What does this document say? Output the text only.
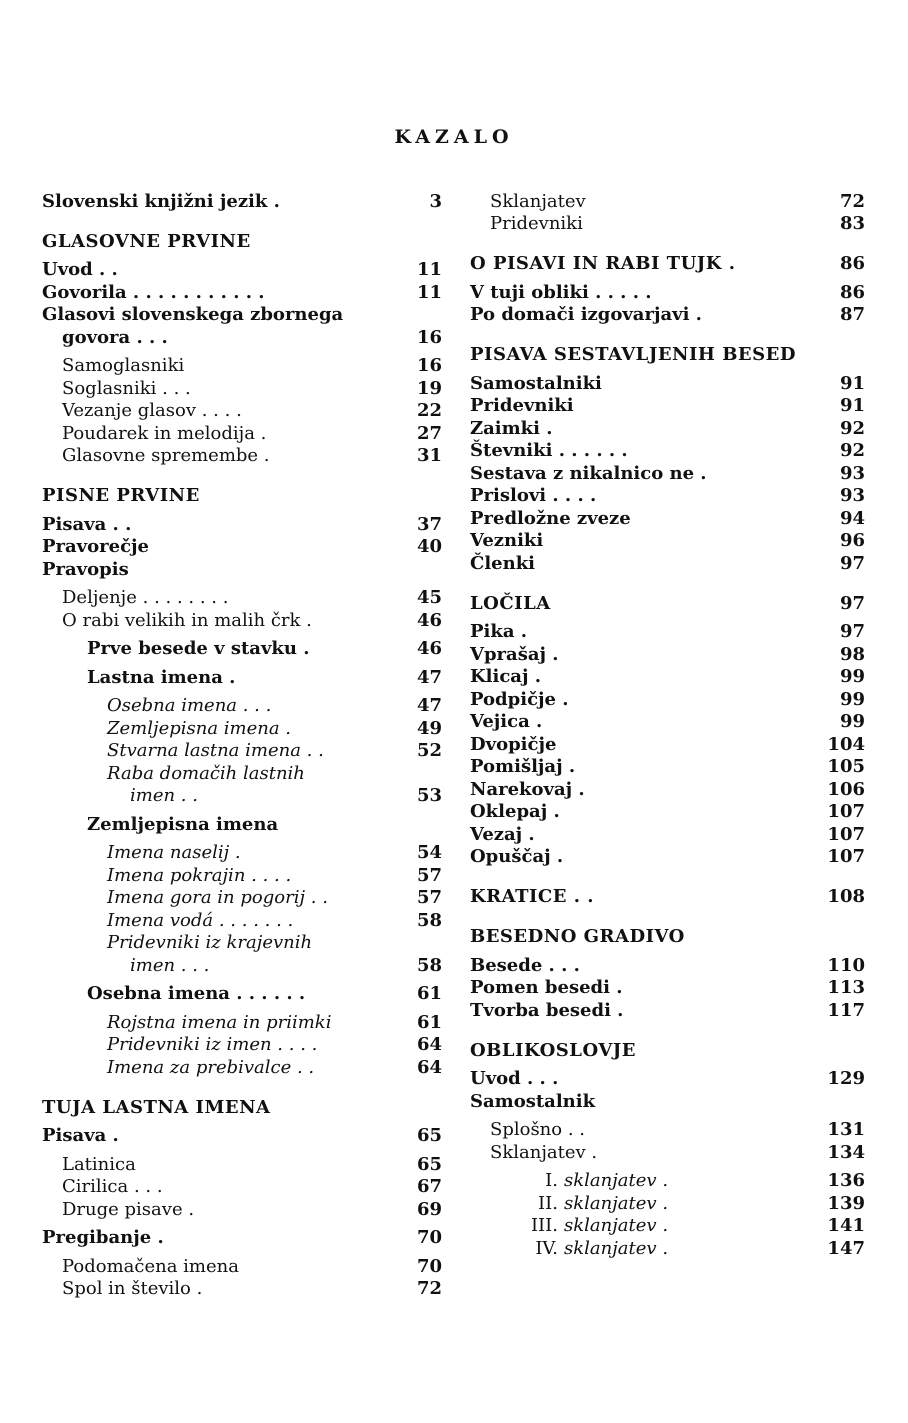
KAZALO
Slovenski knjižni jezik .	3
GLASOVNE PRVINE
Uvod . .	11
Govorila . . . . . . . . . . .	11
Glasovi slovenskega zbornega
govora . . .	16
Samoglasniki	16
Soglasniki . . .	19
Vezanje glasov . . . .	22
Poudarek in melodija .	27
Glasovne spremembe .	31
PISNE PRVINE
Pisava . .	37
Pravorečje	40
Pravopis
Deljenje . . . . . . . .	45
O rabi velikih in malih črk .	46
Prve besede v stavku .	46
Lastna imena .	47
Osebna imena . . .	47
Zemljepisna imena .	49
Stvarna lastna imena . .	52
Raba domačih lastnih
imen . .	53
Zemljepisna imena
Imena naselij .	54
Imena pokrajin . . . .	57
Imena gora in pogorij . .	57
Imena vodá . . . . . . .	58
Pridevniki iz krajevnih
imen . . .	58
Osebna imena . . . . . .	61
Rojstna imena in priimki	61
Pridevniki iz imen . . . .	64
Imena za prebivalce . .	64
TUJA LASTNA IMENA
Pisava .	65
Latinica	65
Cirilica . . .	67
Druge pisave .	69
Pregibanje .	70
Podomačena imena	70
Spol in število .	72
Sklanjatev	72
Pridevniki	83
O PISAVI IN RABI TUJK .	86
V tuji obliki . . . . .	86
Po domači izgovarjavi .	87
PISAVA SESTAVLJENIH BESED
Samostalniki	91
Pridevniki	91
Zaimki .	92
Števniki . . . . . .	92
Sestava z nikalnico ne .	93
Prislovi . . . .	93
Predložne zveze	94
Vezniki	96
Členki	97
LOČILA	97
Pika .	97
Vprašaj .	98
Klicaj .	99
Podpičje .	99
Vejica .	99
Dvopičje	104
Pomišljaj .	105
Narekovaj .	106
Oklepaj .	107
Vezaj .	107
Opuščaj .	107
KRATICE . .	108
BESEDNO GRADIVO
Besede . . .	110
Pomen besedi .	113
Tvorba besedi .	117
OBLIKOSLOVJE
Uvod . . .	129
Samostalnik
Splošno . .	131
Sklanjatev .	134
I. sklanjatev .	136
II. sklanjatev .	139
III. sklanjatev .	141
IV. sklanjatev .	147
